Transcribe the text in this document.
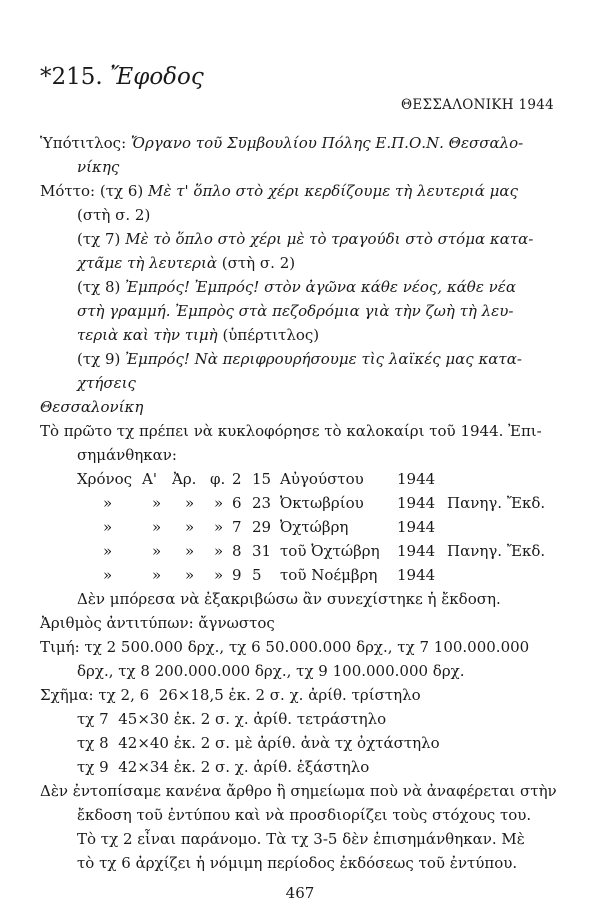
*215. Ἔφοδος
ΘΕΣΣΑΛΟΝΙΚΗ 1944
Ὑπότιτλος: Ὄργανο τοῦ Συμβουλίου Πόλης Ε.Π.Ο.Ν. Θεσσαλο-
νίκης
Μόττο: (τχ 6) Μὲ τ' ὅπλο στὸ χέρι κερδίζουμε τὴ λευτεριά μας
(στὴ σ. 2)
(τχ 7) Μὲ τὸ ὅπλο στὸ χέρι μὲ τὸ τραγούδι στὸ στόμα κατα-
χτᾶμε τὴ λευτεριὰ (στὴ σ. 2)
(τχ 8) Ἐμπρός! Ἐμπρός! στὸν ἀγῶνα κάθε νέος, κάθε νέα
στὴ γραμμή. Ἐμπρὸς στὰ πεζοδρόμια γιὰ τὴν ζωὴ τὴ λευ-
τεριὰ καὶ τὴν τιμὴ (ὑπέρτιτλος)
(τχ 9) Ἐμπρός! Νὰ περιφρουρήσουμε τὶς λαϊκές μας κατα-
χτήσεις
Θεσσαλονίκη
Τὸ πρῶτο τχ πρέπει νὰ κυκλοφόρησε τὸ καλοκαίρι τοῦ 1944. Ἐπι-
σημάνθηκαν:
Χρόνος Α' Ἀρ. φ. 2 15 Αὐγούστου 1944
»	» » » 6 23 Ὀκτωβρίου 1944 Πανηγ. Ἔκδ.
»	» » » 7 29 Ὀχτώβρη	1944
»	» » » 8 31 τοῦ Ὀχτώβρη 1944 Πανηγ. Ἔκδ.
»	» » » 9 5 τοῦ Νοέμβρη 1944
Δὲν μπόρεσα νὰ ἐξακριβώσω ἂν συνεχίστηκε ἡ ἔκδοση.
Ἀριθμὸς ἀντιτύπων: ἄγνωστος
Τιμή: τχ 2 500.000 δρχ., τχ 6 50.000.000 δρχ., τχ 7 100.000.000
δρχ., τχ 8 200.000.000 δρχ., τχ 9 100.000.000 δρχ.
Σχῆμα: τχ 2, 6  26×18,5 ἐκ. 2 σ. χ. ἀρίθ. τρίστηλο
τχ 7  45×30 ἐκ. 2 σ. χ. ἀρίθ. τετράστηλο
τχ 8  42×40 ἐκ. 2 σ. μὲ ἀρίθ. ἀνὰ τχ ὀχτάστηλο
τχ 9  42×34 ἐκ. 2 σ. χ. ἀρίθ. ἑξάστηλο
Δὲν ἐντοπίσαμε κανένα ἄρθρο ἢ σημείωμα ποὺ νὰ ἀναφέρεται στὴν
ἔκδοση τοῦ ἐντύπου καὶ νὰ προσδιορίζει τοὺς στόχους του.
Τὸ τχ 2 εἶναι παράνομο. Τὰ τχ 3-5 δὲν ἐπισημάνθηκαν. Μὲ
τὸ τχ 6 ἀρχίζει ἡ νόμιμη περίοδος ἐκδόσεως τοῦ ἐντύπου.
467
